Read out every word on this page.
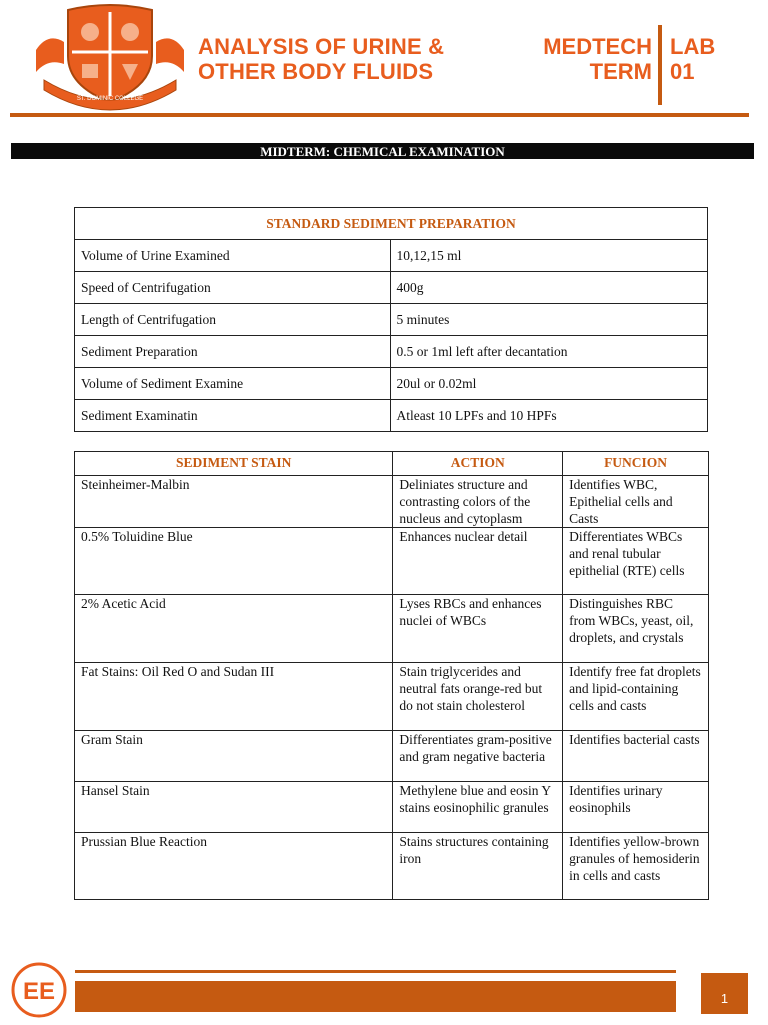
ST. DOMINIC COLLEGE
ANALYSIS OF URINE &
OTHER BODY FLUIDS
MEDTECH
TERM
LAB
01
MIDTERM: CHEMICAL EXAMINATION
STANDARD SEDIMENT PREPARATION	
Volume of Urine Examined	10,12,15 ml
Speed of Centrifugation	400g
Length of Centrifugation	5 minutes
Sediment Preparation	0.5 or 1ml left after decantation
Volume of Sediment Examine	20ul or 0.02ml
Sediment Examinatin	Atleast 10 LPFs and 10 HPFs
SEDIMENT STAIN	ACTION	FUNCION
Steinheimer-Malbin	Deliniates structure and contrasting colors of the nucleus and cytoplasm	Identifies WBC, Epithelial cells and Casts
0.5% Toluidine Blue	Enhances nuclear detail	Differentiates WBCs and renal tubular epithelial (RTE) cells
2% Acetic Acid	Lyses RBCs and enhances nuclei of WBCs	Distinguishes RBC from WBCs, yeast, oil, droplets, and crystals
Fat Stains: Oil Red O and Sudan III	Stain triglycerides and neutral fats orange-red but do not stain cholesterol	Identify free fat droplets and lipid-containing cells and casts
Gram Stain	Differentiates gram-positive and gram negative bacteria	Identifies bacterial casts
Hansel Stain	Methylene blue and eosin Y stains eosinophilic granules	Identifies urinary eosinophils
Prussian Blue Reaction	Stains structures containing iron	Identifies yellow-brown granules of hemosiderin in cells and casts
EE	1
